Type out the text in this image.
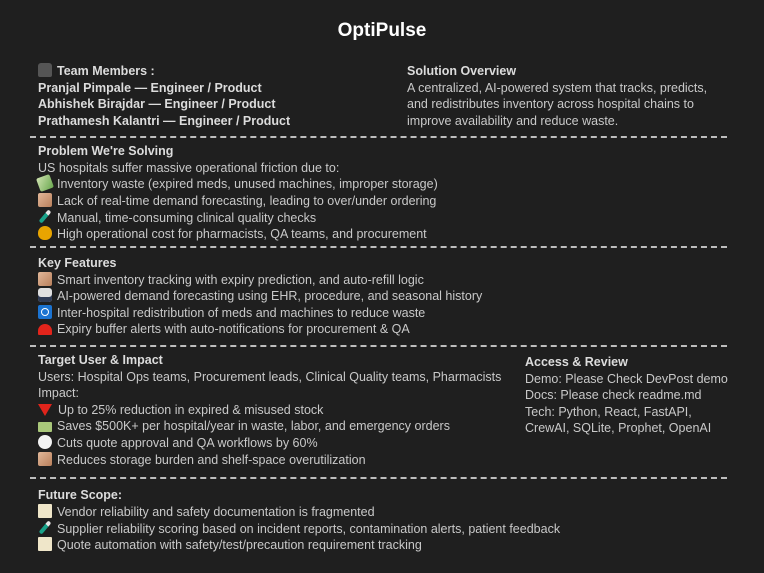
OptiPulse
Team Members :
Pranjal Pimpale — Engineer / Product
Abhishek Birajdar — Engineer / Product
Prathamesh Kalantri — Engineer / Product
Solution Overview
A centralized, AI-powered system that tracks, predicts,
and redistributes inventory across hospital chains to
improve availability and reduce waste.
Problem We're Solving
US hospitals suffer massive operational friction due to:
Inventory waste (expired meds, unused machines, improper storage)
Lack of real-time demand forecasting, leading to over/under ordering
Manual, time-consuming clinical quality checks
High operational cost for pharmacists, QA teams, and procurement
Key Features
Smart inventory tracking with expiry prediction, and auto-refill logic
AI-powered demand forecasting using EHR, procedure, and seasonal history
Inter-hospital redistribution of meds and machines to reduce waste
Expiry buffer alerts with auto-notifications for procurement & QA
Target User & Impact
Users: Hospital Ops teams, Procurement leads, Clinical Quality teams, Pharmacists
Impact:
Up to 25% reduction in expired & misused stock
Saves $500K+ per hospital/year in waste, labor, and emergency orders
Cuts quote approval and QA workflows by 60%
Reduces storage burden and shelf-space overutilization
Access & Review
Demo: Please Check DevPost demo
Docs: Please check readme.md
Tech: Python, React, FastAPI,
CrewAI, SQLite, Prophet, OpenAI
Future Scope:
Vendor reliability and safety documentation is fragmented
Supplier reliability scoring based on incident reports, contamination alerts, patient feedback
Quote automation with safety/test/precaution requirement tracking
